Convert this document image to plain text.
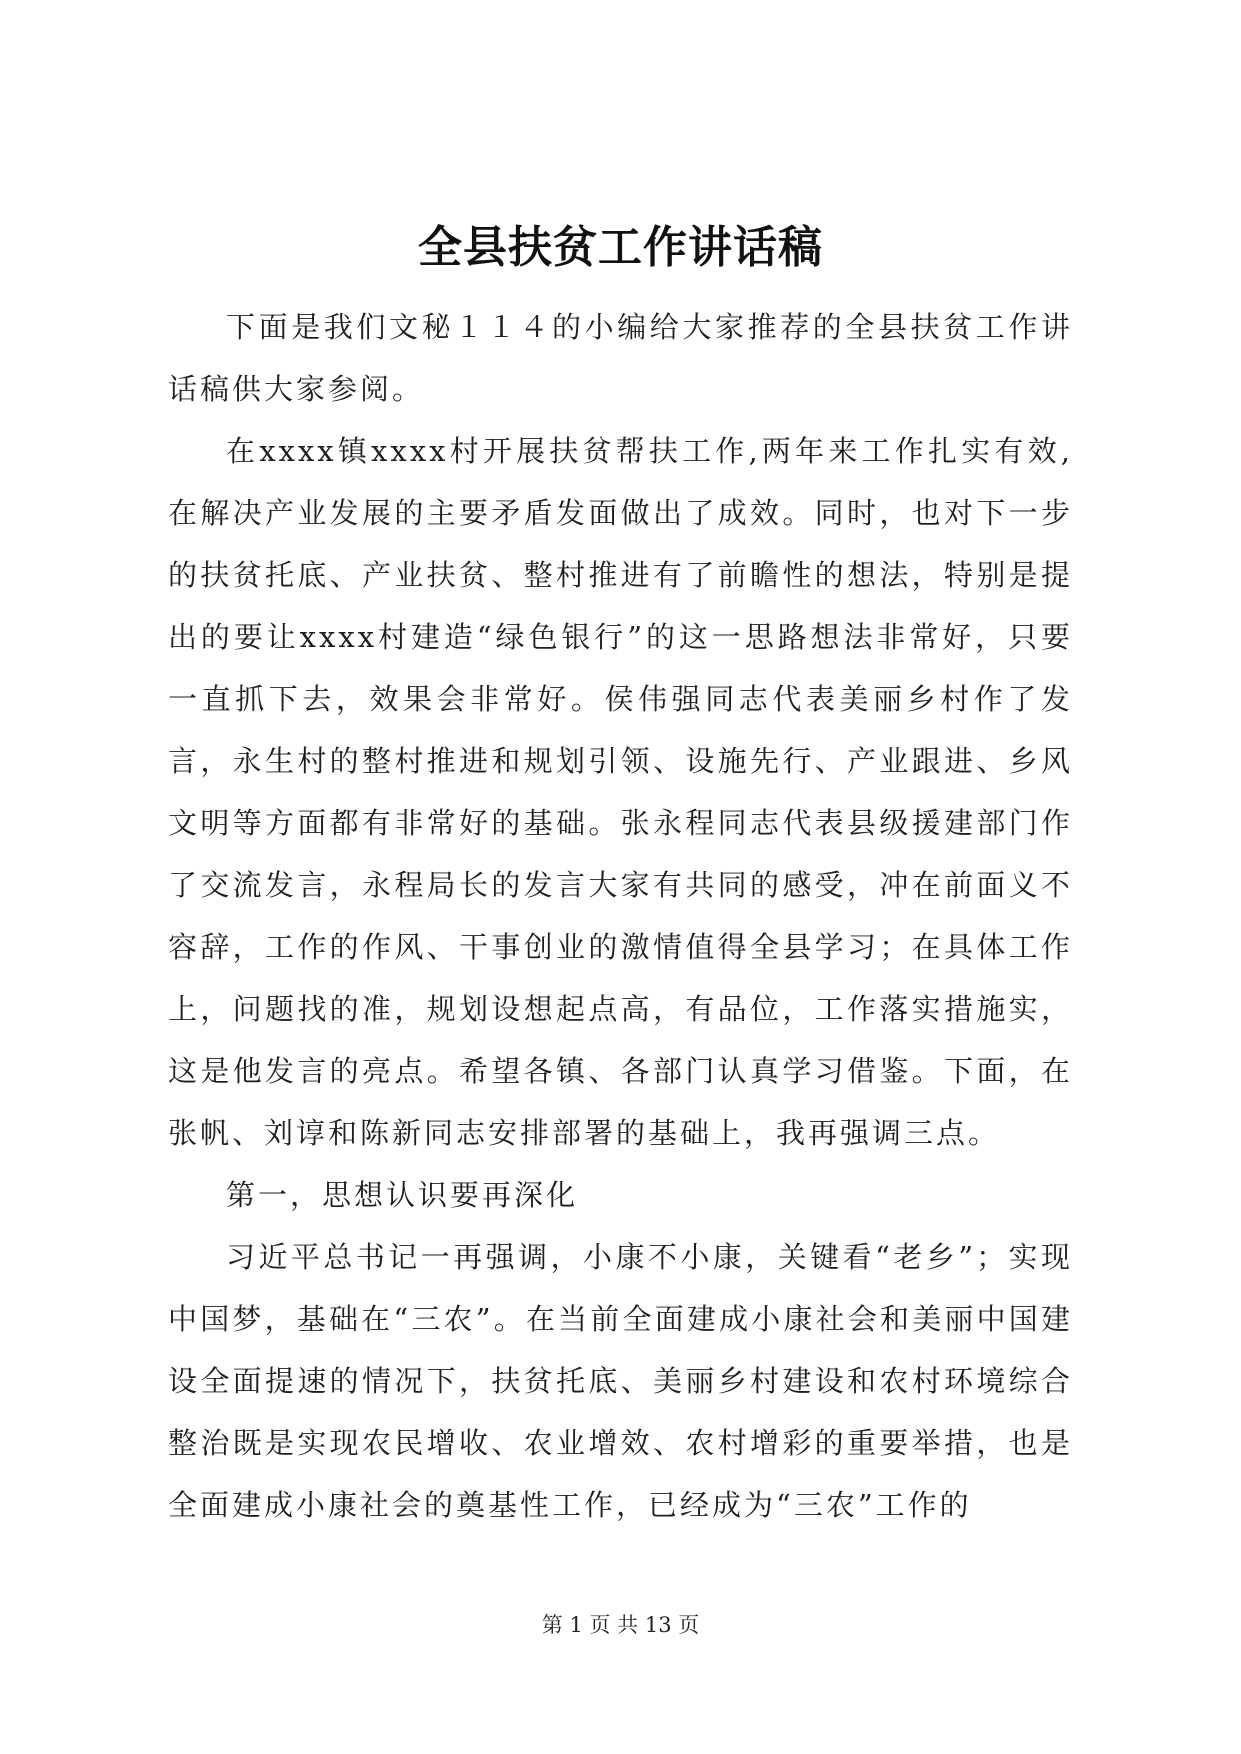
全县扶贫工作讲话稿

下面是我们文秘１１４的小编给大家推荐的全县扶贫工作讲话稿供大家参阅。

在xxxx镇xxxx村开展扶贫帮扶工作,两年来工作扎实有效,在解决产业发展的主要矛盾发面做出了成效。同时，也对下一步的扶贫托底、产业扶贫、整村推进有了前瞻性的想法，特别是提出的要让xxxx村建造“绿色银行”的这一思路想法非常好，只要一直抓下去，效果会非常好。侯伟强同志代表美丽乡村作了发言，永生村的整村推进和规划引领、设施先行、产业跟进、乡风文明等方面都有非常好的基础。张永程同志代表县级援建部门作了交流发言，永程局长的发言大家有共同的感受，冲在前面义不容辞，工作的作风、干事创业的激情值得全县学习；在具体工作上，问题找的准，规划设想起点高，有品位，工作落实措施实，这是他发言的亮点。希望各镇、各部门认真学习借鉴。下面，在张帆、刘谆和陈新同志安排部署的基础上，我再强调三点。

第一，思想认识要再深化

习近平总书记一再强调，小康不小康，关键看“老乡”；实现中国梦，基础在“三农”。在当前全面建成小康社会和美丽中国建设全面提速的情况下，扶贫托底、美丽乡村建设和农村环境综合整治既是实现农民增收、农业增效、农村增彩的重要举措，也是全面建成小康社会的奠基性工作，已经成为“三农”工作的

第 1 页 共 13 页
